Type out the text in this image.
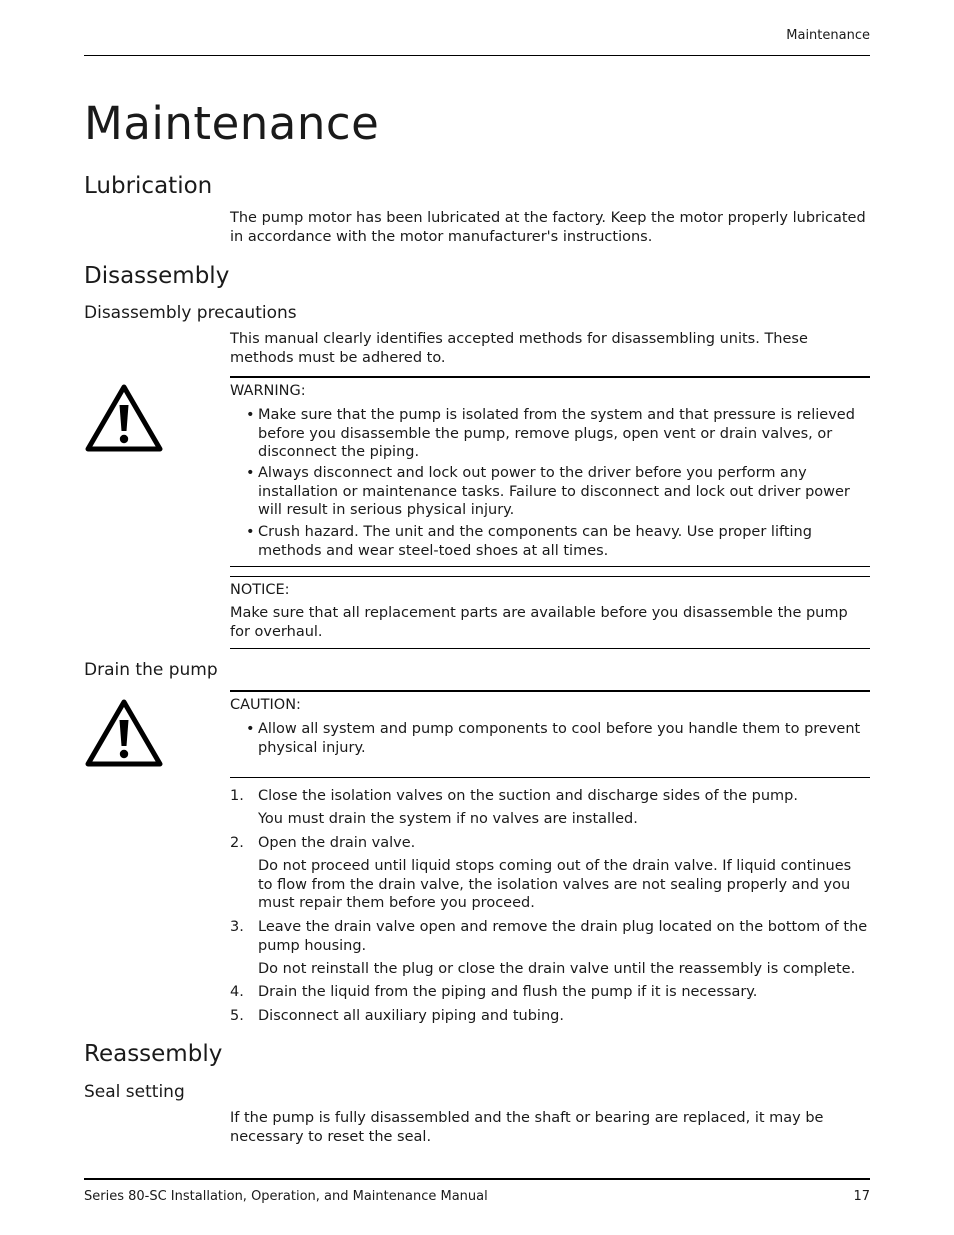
Maintenance
Maintenance
Lubrication

The pump motor has been lubricated at the factory. Keep the motor properly lubricated in accordance with the motor manufacturer's instructions.

Disassembly
Disassembly precautions

This manual clearly identifies accepted methods for disassembling units. These methods must be adhered to.

WARNING:
• Make sure that the pump is isolated from the system and that pressure is relieved before you disassemble the pump, remove plugs, open vent or drain valves, or disconnect the piping.
• Always disconnect and lock out power to the driver before you perform any installation or maintenance tasks. Failure to disconnect and lock out driver power will result in serious physical injury.
• Crush hazard. The unit and the components can be heavy. Use proper lifting methods and wear steel-toed shoes at all times.
NOTICE:

Make sure that all replacement parts are available before you disassemble the pump for overhaul.

Drain the pump
CAUTION:
• Allow all system and pump components to cool before you handle them to prevent physical injury.
1. Close the isolation valves on the suction and discharge sides of the pump.
You must drain the system if no valves are installed.
2. Open the drain valve.
Do not proceed until liquid stops coming out of the drain valve. If liquid continues to flow from the drain valve, the isolation valves are not sealing properly and you must repair them before you proceed.
3. Leave the drain valve open and remove the drain plug located on the bottom of the pump housing.
Do not reinstall the plug or close the drain valve until the reassembly is complete.
4. Drain the liquid from the piping and flush the pump if it is necessary.
5. Disconnect all auxiliary piping and tubing.
Reassembly
Seal setting

If the pump is fully disassembled and the shaft or bearing are replaced, it may be necessary to reset the seal.

Series 80-SC Installation, Operation, and Maintenance Manual	17
